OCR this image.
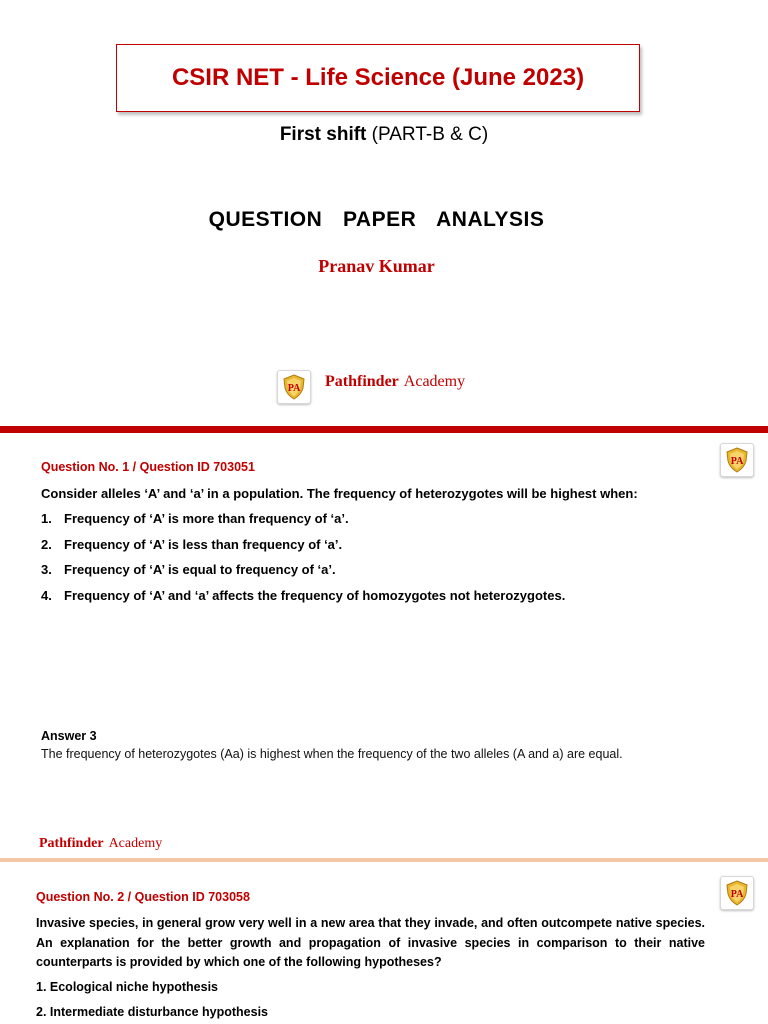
CSIR NET - Life Science (June 2023)
First shift (PART-B & C)
QUESTION  PAPER  ANALYSIS
Pranav Kumar
PA Pathfinder Academy
Question No. 1 / Question ID 703051	PA
Consider alleles ‘A’ and ‘a’ in a population. The frequency of heterozygotes will be highest when:
1. Frequency of ‘A’ is more than frequency of ‘a’.
2. Frequency of ‘A’ is less than frequency of ‘a’.
3. Frequency of ‘A’ is equal to frequency of ‘a’.
4. Frequency of ‘A’ and ‘a’ affects the frequency of homozygotes not heterozygotes.
Answer 3
The frequency of heterozygotes (Aa) is highest when the frequency of the two alleles (A and a) are equal.
Pathfinder Academy
Question No. 2 / Question ID 703058	PA
Invasive species, in general grow very well in a new area that they invade, and often outcompete native species. An explanation for the better growth and propagation of invasive species in comparison to their native counterparts is provided by which one of the following hypotheses?
1. Ecological niche hypothesis
2. Intermediate disturbance hypothesis
